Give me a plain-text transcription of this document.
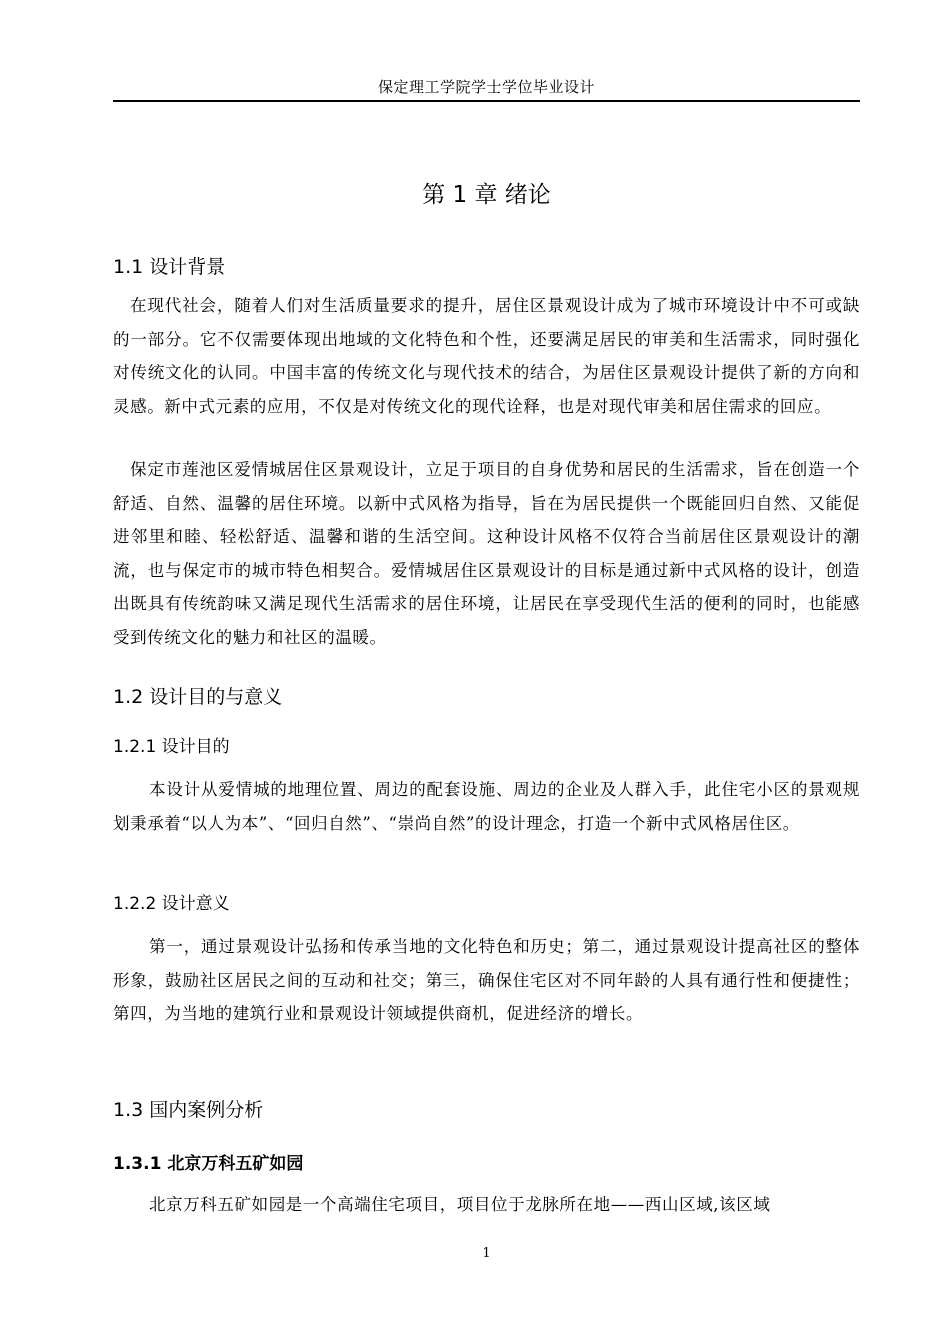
保定理工学院学士学位毕业设计
第 1 章 绪论
1.1 设计背景

在现代社会，随着人们对生活质量要求的提升，居住区景观设计成为了城市环境设计中不可或缺的一部分。它不仅需要体现出地域的文化特色和个性，还要满足居民的审美和生活需求，同时强化对传统文化的认同。中国丰富的传统文化与现代技术的结合，为居住区景观设计提供了新的方向和灵感。新中式元素的应用，不仅是对传统文化的现代诠释，也是对现代审美和居住需求的回应。

保定市莲池区爱情城居住区景观设计，立足于项目的自身优势和居民的生活需求，旨在创造一个舒适、自然、温馨的居住环境。以新中式风格为指导，旨在为居民提供一个既能回归自然、又能促进邻里和睦、轻松舒适、温馨和谐的生活空间。这种设计风格不仅符合当前居住区景观设计的潮流，也与保定市的城市特色相契合。爱情城居住区景观设计的目标是通过新中式风格的设计，创造出既具有传统韵味又满足现代生活需求的居住环境，让居民在享受现代生活的便利的同时，也能感受到传统文化的魅力和社区的温暖。

1.2 设计目的与意义
1.2.1 设计目的

本设计从爱情城的地理位置、周边的配套设施、周边的企业及人群入手，此住宅小区的景观规划秉承着“以人为本”、“回归自然”、“崇尚自然”的设计理念，打造一个新中式风格居住区。

1.2.2 设计意义

第一，通过景观设计弘扬和传承当地的文化特色和历史；第二，通过景观设计提高社区的整体形象，鼓励社区居民之间的互动和社交；第三，确保住宅区对不同年龄的人具有通行性和便捷性；第四，为当地的建筑行业和景观设计领域提供商机，促进经济的增长。

1.3 国内案例分析
1.3.1 北京万科五矿如园

北京万科五矿如园是一个高端住宅项目，项目位于龙脉所在地——西山区域,该区域

1
